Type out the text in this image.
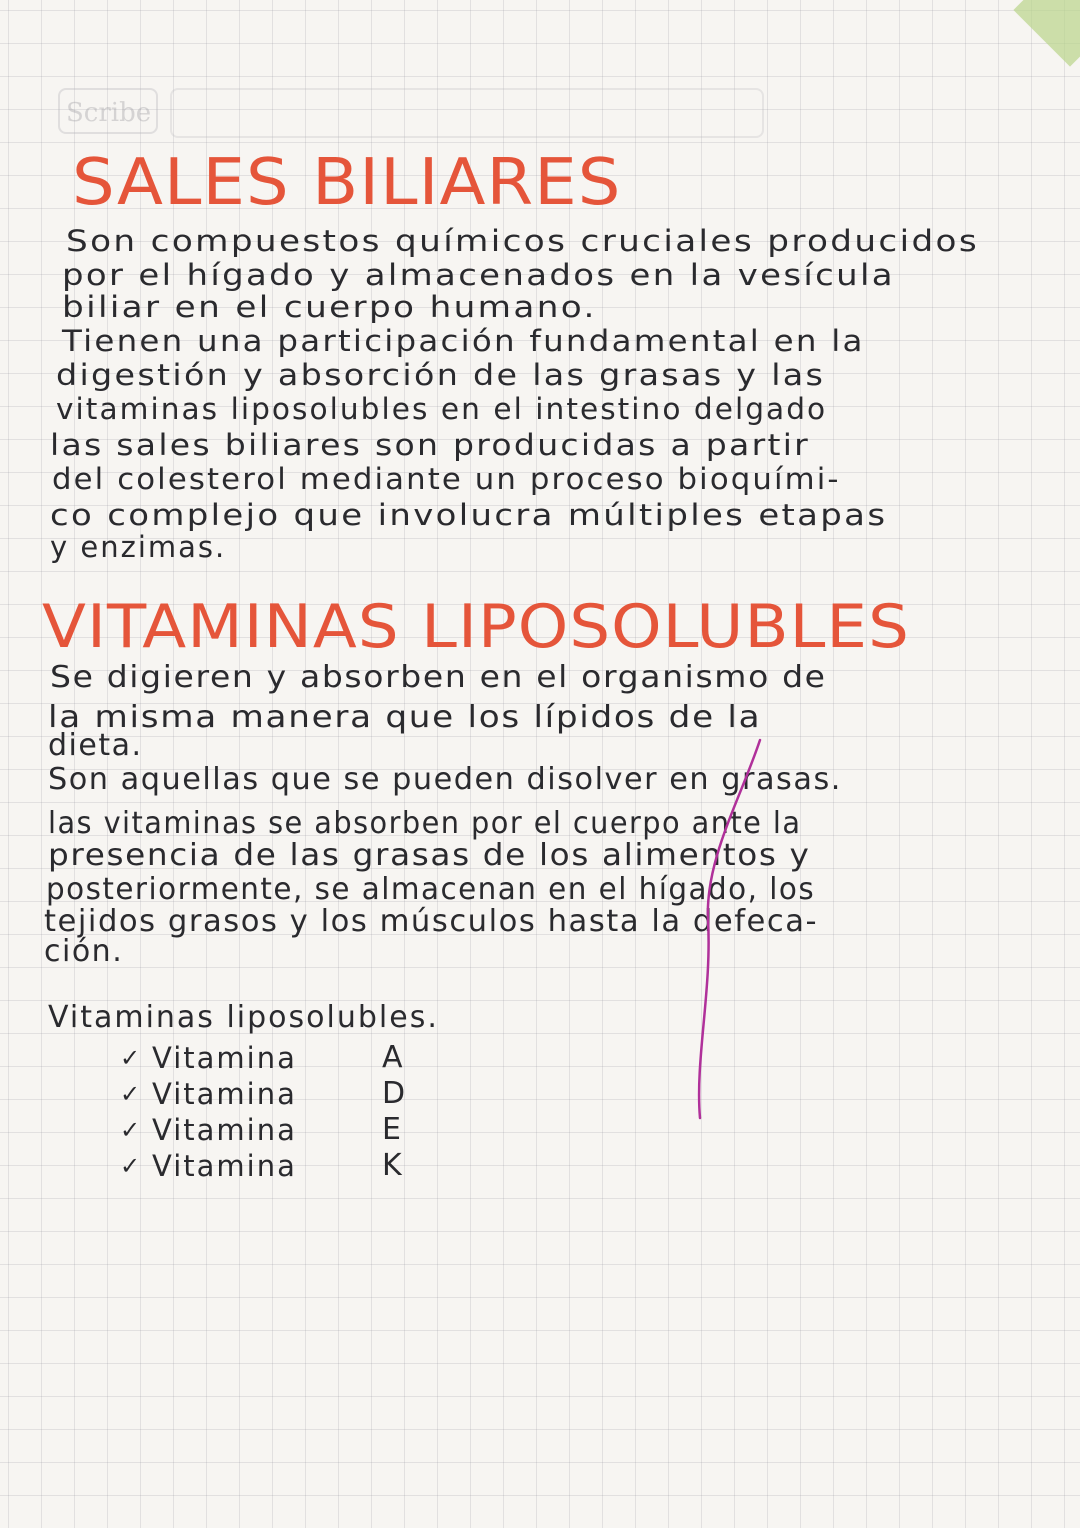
Scribe
SALES BILIARES

Son compuestos químicos cruciales producidos

por el hígado y almacenados en la vesícula

biliar en el cuerpo humano.

Tienen una participación fundamental en la

digestión y absorción de las grasas y las

vitaminas liposolubles en el intestino delgado

las sales biliares son producidas a partir

del colesterol mediante un proceso bioquími-

co complejo que involucra múltiples etapas

y enzimas.

VITAMINAS LIPOSOLUBLES

Se digieren y absorben en el organismo de

la misma manera que los lípidos de la

dieta.

Son aquellas que se pueden disolver en grasas.

las vitaminas se absorben por el cuerpo ante la

presencia de las grasas de los alimentos y

posteriormente, se almacenan en el hígado, los

tejidos grasos y los músculos hasta la defeca-

ción.

Vitaminas liposolubles.
✓ Vitamina	A
✓ Vitamina	D
✓ Vitamina	E
✓ Vitamina	K
